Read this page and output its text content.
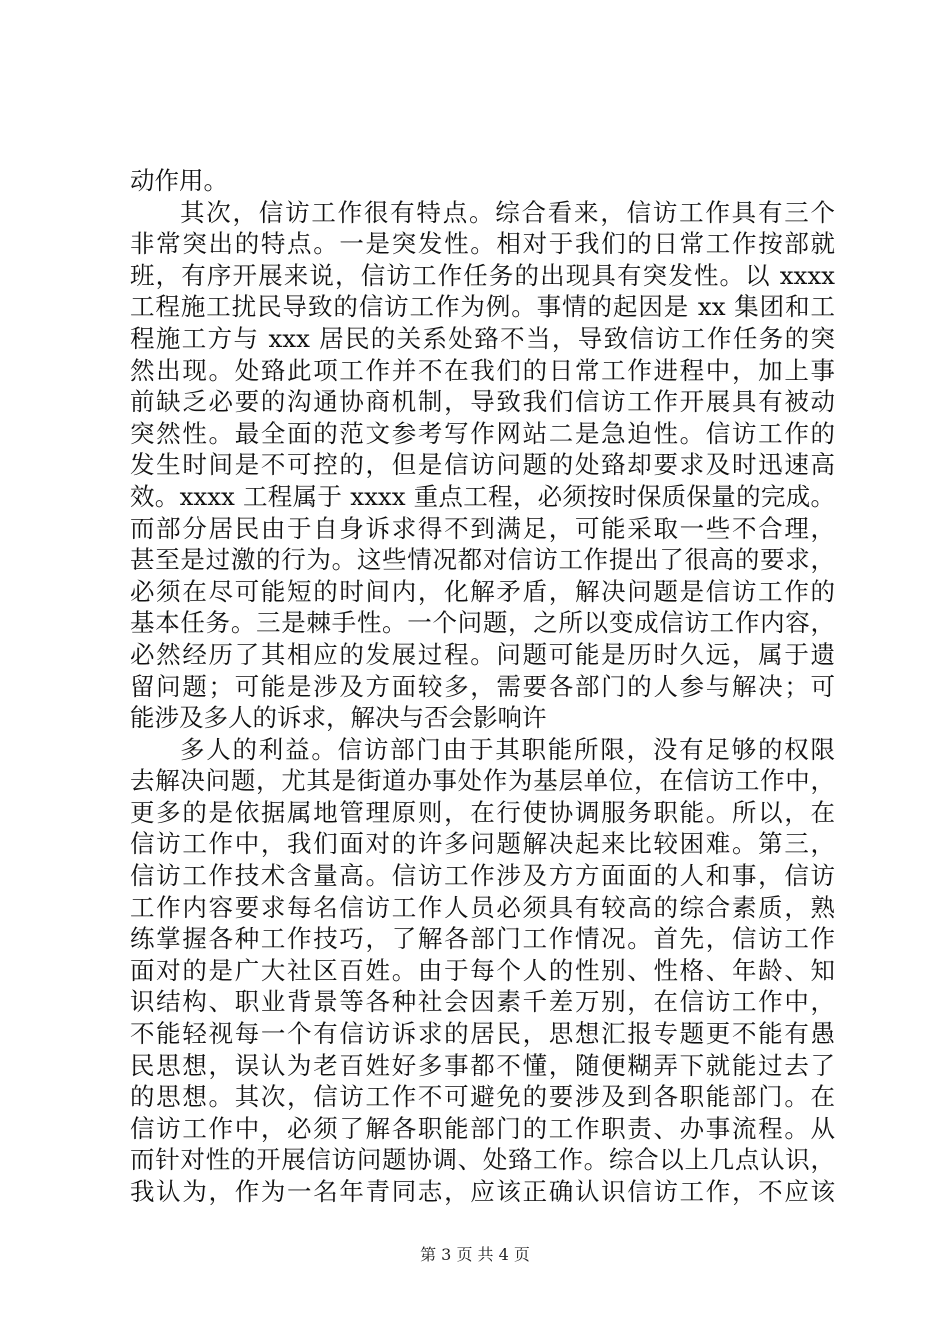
动作用。
其次，信访工作很有特点。综合看来，信访工作具有三个
非常突出的特点。一是突发性。相对于我们的日常工作按部就
班，有序开展来说，信访工作任务的出现具有突发性。以 xxxx
工程施工扰民导致的信访工作为例。事情的起因是 xx 集团和工
程施工方与 xxx 居民的关系处臵不当，导致信访工作任务的突
然出现。处臵此项工作并不在我们的日常工作进程中，加上事
前缺乏必要的沟通协商机制，导致我们信访工作开展具有被动
突然性。最全面的范文参考写作网站二是急迫性。信访工作的
发生时间是不可控的，但是信访问题的处臵却要求及时迅速高
效。xxxx 工程属于 xxxx 重点工程，必须按时保质保量的完成。
而部分居民由于自身诉求得不到满足，可能采取一些不合理，
甚至是过激的行为。这些情况都对信访工作提出了很高的要求，
必须在尽可能短的时间内，化解矛盾，解决问题是信访工作的
基本任务。三是棘手性。一个问题，之所以变成信访工作内容，
必然经历了其相应的发展过程。问题可能是历时久远，属于遗
留问题；可能是涉及方面较多，需要各部门的人参与解决；可
能涉及多人的诉求，解决与否会影响许
多人的利益。信访部门由于其职能所限，没有足够的权限
去解决问题，尤其是街道办事处作为基层单位，在信访工作中，
更多的是依据属地管理原则，在行使协调服务职能。所以，在
信访工作中，我们面对的许多问题解决起来比较困难。第三，
信访工作技术含量高。信访工作涉及方方面面的人和事，信访
工作内容要求每名信访工作人员必须具有较高的综合素质，熟
练掌握各种工作技巧，了解各部门工作情况。首先，信访工作
面对的是广大社区百姓。由于每个人的性别、性格、年龄、知
识结构、职业背景等各种社会因素千差万别，在信访工作中，
不能轻视每一个有信访诉求的居民，思想汇报专题更不能有愚
民思想，误认为老百姓好多事都不懂，随便糊弄下就能过去了
的思想。其次，信访工作不可避免的要涉及到各职能部门。在
信访工作中，必须了解各职能部门的工作职责、办事流程。从
而针对性的开展信访问题协调、处臵工作。综合以上几点认识，
我认为，作为一名年青同志，应该正确认识信访工作，不应该
第 3 页 共 4 页
